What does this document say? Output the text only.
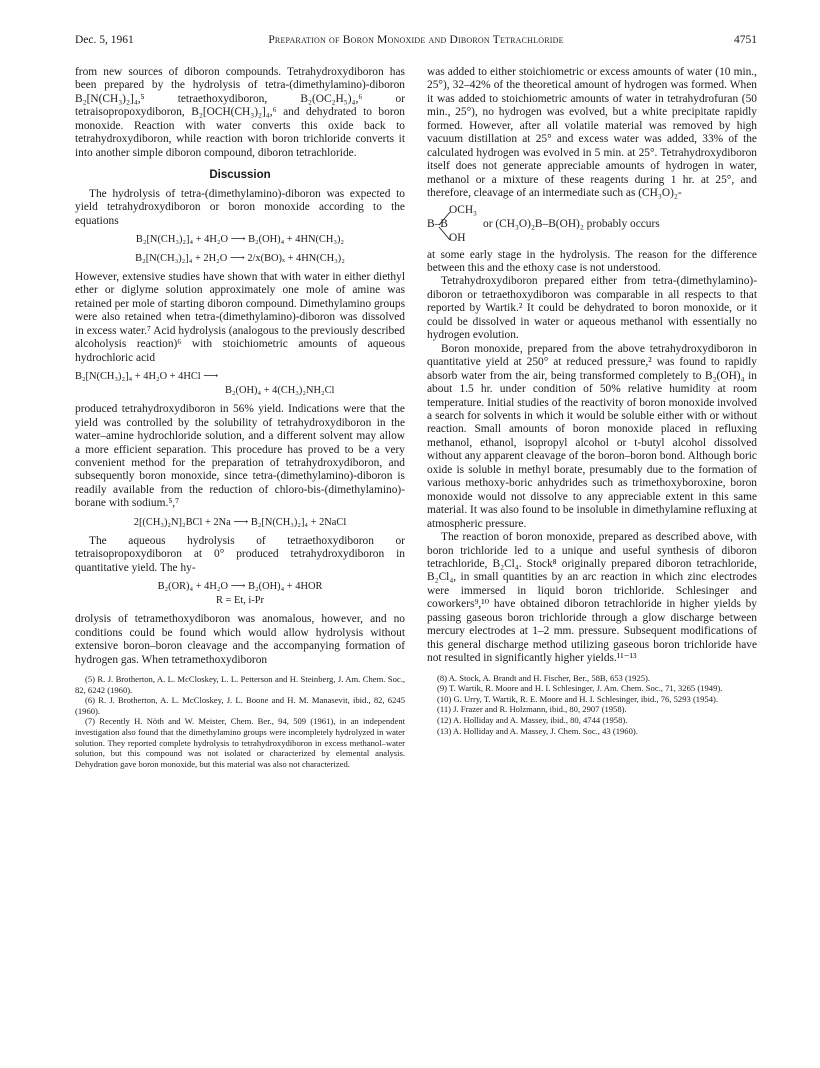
Dec. 5, 1961	Preparation of Boron Monoxide and Diboron Tetrachloride	4751

from new sources of diboron compounds. Tetrahydroxydiboron has been prepared by the hydrolysis of tetra-(dimethylamino)-diboron B₂[N(CH₃)₂]₄,⁵ tetraethoxydiboron, B₂(OC₂H₅)₄,⁶ or tetraisopropoxydiboron, B₂[OCH(CH₃)₂]₄,⁶ and dehydrated to boron monoxide. Reaction with water converts this oxide back to tetrahydroxydiboron, while reaction with boron trichloride converts it into another simple diboron compound, diboron tetrachloride.

Discussion

The hydrolysis of tetra-(dimethylamino)-diboron was expected to yield tetrahydroxydiboron or boron monoxide according to the equations

B₂[N(CH₃)₂]₄ + 4H₂O ⟶ B₂(OH)₄ + 4HN(CH₃)₂
B₂[N(CH₃)₂]₄ + 2H₂O ⟶ 2/x(BO)ₓ + 4HN(CH₃)₂

However, extensive studies have shown that with water in either diethyl ether or diglyme solution approximately one mole of amine was retained per mole of starting diboron compound. Dimethylamino groups were also retained when tetra-(dimethylamino)-diboron was dissolved in excess water.⁷ Acid hydrolysis (analogous to the previously described alcoholysis reaction)⁶ with stoichiometric amounts of aqueous hydrochloric acid

B₂[N(CH₃)₂]₄ + 4H₂O + 4HCl ⟶
B₂(OH)₄ + 4(CH₃)₂NH₂Cl

produced tetrahydroxydiboron in 56% yield. Indications were that the yield was controlled by the solubility of tetrahydroxydiboron in the water–amine hydrochloride solution, and a different solvent may allow a more efficient separation. This procedure has proved to be a very convenient method for the preparation of tetrahydroxydiboron, and subsequently boron monoxide, since tetra-(dimethylamino)-diboron is readily available from the reduction of chloro-bis-(dimethylamino)-borane with sodium.⁵,⁷

2[(CH₃)₂N]₂BCl + 2Na ⟶ B₂[N(CH₃)₂]₄ + 2NaCl

The aqueous hydrolysis of tetraethoxydiboron or tetraisopropoxydiboron at 0° produced tetrahydroxydiboron in quantitative yield. The hy-

B₂(OR)₄ + 4H₂O ⟶ B₂(OH)₄ + 4HOR
R = Et, i-Pr

drolysis of tetramethoxydiboron was anomalous, however, and no conditions could be found which would allow hydrolysis without extensive boron–boron cleavage and the accompanying formation of hydrogen gas. When tetramethoxydiboron

(5) R. J. Brotherton, A. L. McCloskey, L. L. Petterson and H. Steinberg, J. Am. Chem. Soc., 82, 6242 (1960).

(6) R. J. Brotherton, A. L. McCloskey, J. L. Boone and H. M. Manasevit, ibid., 82, 6245 (1960).

(7) Recently H. Nöth and W. Meister, Chem. Ber., 94, 509 (1961), in an independent investigation also found that the dimethylamino groups were incompletely hydrolyzed in water solution. They reported complete hydrolysis to tetrahydroxydiboron in excess methanol–water solution, but this compound was not isolated or characterized by elemental analysis. Dehydration gave boron monoxide, but this material was also not characterized.

was added to either stoichiometric or excess amounts of water (10 min., 25°), 32–42% of the theoretical amount of hydrogen was formed. When it was added to stoichiometric amounts of water in tetrahydrofuran (50 min., 25°), no hydrogen was evolved, but a white precipitate rapidly formed. However, after all volatile material was removed by high vacuum distillation at 25° and excess water was added, 33% of the calculated hydrogen was evolved in 5 min. at 25°. Tetrahydroxydiboron itself does not generate appreciable amounts of hydrogen in water, methanol or a mixture of these reagents during 1 hr. at 25°, and therefore, cleavage of an intermediate such as (CH₃O)₂-

OCH₃
B–B
OH
or (CH₃O)₂B–B(OH)₂ probably occurs

at some early stage in the hydrolysis. The reason for the difference between this and the ethoxy case is not understood.

Tetrahydroxydiboron prepared either from tetra-(dimethylamino)-diboron or tetraethoxydiboron was comparable in all respects to that reported by Wartik.² It could be dehydrated to boron monoxide, or it could be dissolved in water or aqueous methanol with essentially no hydrogen evolution.

Boron monoxide, prepared from the above tetrahydroxydiboron in quantitative yield at 250° at reduced pressure,² was found to rapidly absorb water from the air, being transformed completely to B₂(OH)₄ in about 1.5 hr. under condition of 50% relative humidity at room temperature. Initial studies of the reactivity of boron monoxide involved a search for solvents in which it would be soluble either with or without reaction. Small amounts of boron monoxide placed in refluxing methanol, ethanol, isopropyl alcohol or t-butyl alcohol dissolved without any apparent cleavage of the boron–boron bond. Although boric oxide is soluble in methyl borate, presumably due to the formation of various methoxy-boric anhydrides such as trimethoxyboroxine, boron monoxide would not dissolve to any appreciable extent in this same material. It was also found to be insoluble in dimethylamine refluxing at atmospheric pressure.

The reaction of boron monoxide, prepared as described above, with boron trichloride led to a unique and useful synthesis of diboron tetrachloride, B₂Cl₄. Stock⁸ originally prepared diboron tetrachloride, B₂Cl₄, in small quantities by an arc reaction in which zinc electrodes were immersed in liquid boron trichloride. Schlesinger and coworkers⁹,¹⁰ have obtained diboron tetrachloride in higher yields by passing gaseous boron trichloride through a glow discharge between mercury electrodes at 1–2 mm. pressure. Subsequent modifications of this general discharge method utilizing gaseous boron trichloride have not resulted in significantly higher yields.¹¹⁻¹³

(8) A. Stock, A. Brandt and H. Fischer, Ber., 58B, 653 (1925).

(9) T. Wartik, R. Moore and H. I. Schlesinger, J. Am. Chem. Soc., 71, 3265 (1949).

(10) G. Urry, T. Wartik, R. E. Moore and H. I. Schlesinger, ibid., 76, 5293 (1954).

(11) J. Frazer and R. Holzmann, ibid., 80, 2907 (1958).

(12) A. Holliday and A. Massey, ibid., 80, 4744 (1958).

(13) A. Holliday and A. Massey, J. Chem. Soc., 43 (1960).
